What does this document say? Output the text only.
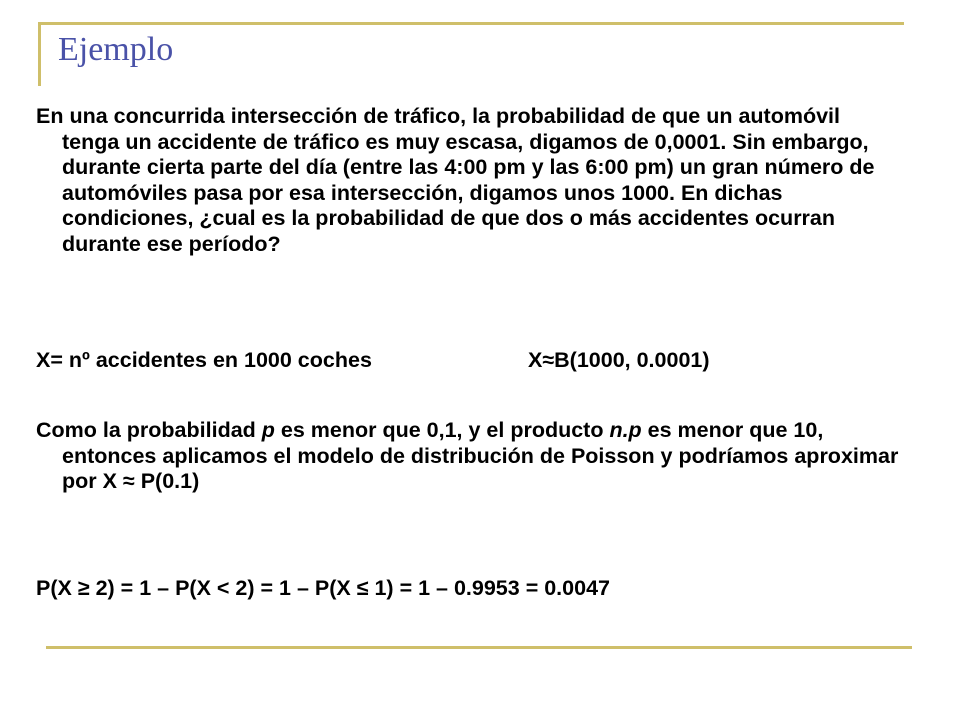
Ejemplo

En una concurrida intersección de tráfico, la probabilidad de que un automóvil tenga un accidente de tráfico es muy escasa, digamos de 0,0001. Sin embargo, durante cierta parte del día (entre las 4:00 pm y las 6:00 pm) un gran número de automóviles pasa por esa intersección, digamos unos 1000. En dichas condiciones, ¿cual es la probabilidad de que dos o más accidentes ocurran durante ese período?

X= nº accidentes en 1000 coches	X≈B(1000, 0.0001)

Como la probabilidad p es menor que 0,1, y el producto n.p es menor que 10, entonces aplicamos el modelo de distribución de Poisson y podríamos aproximar por X ≈ P(0.1)

P(X ≥ 2) = 1 – P(X < 2) = 1 – P(X ≤ 1) = 1 – 0.9953 = 0.0047
